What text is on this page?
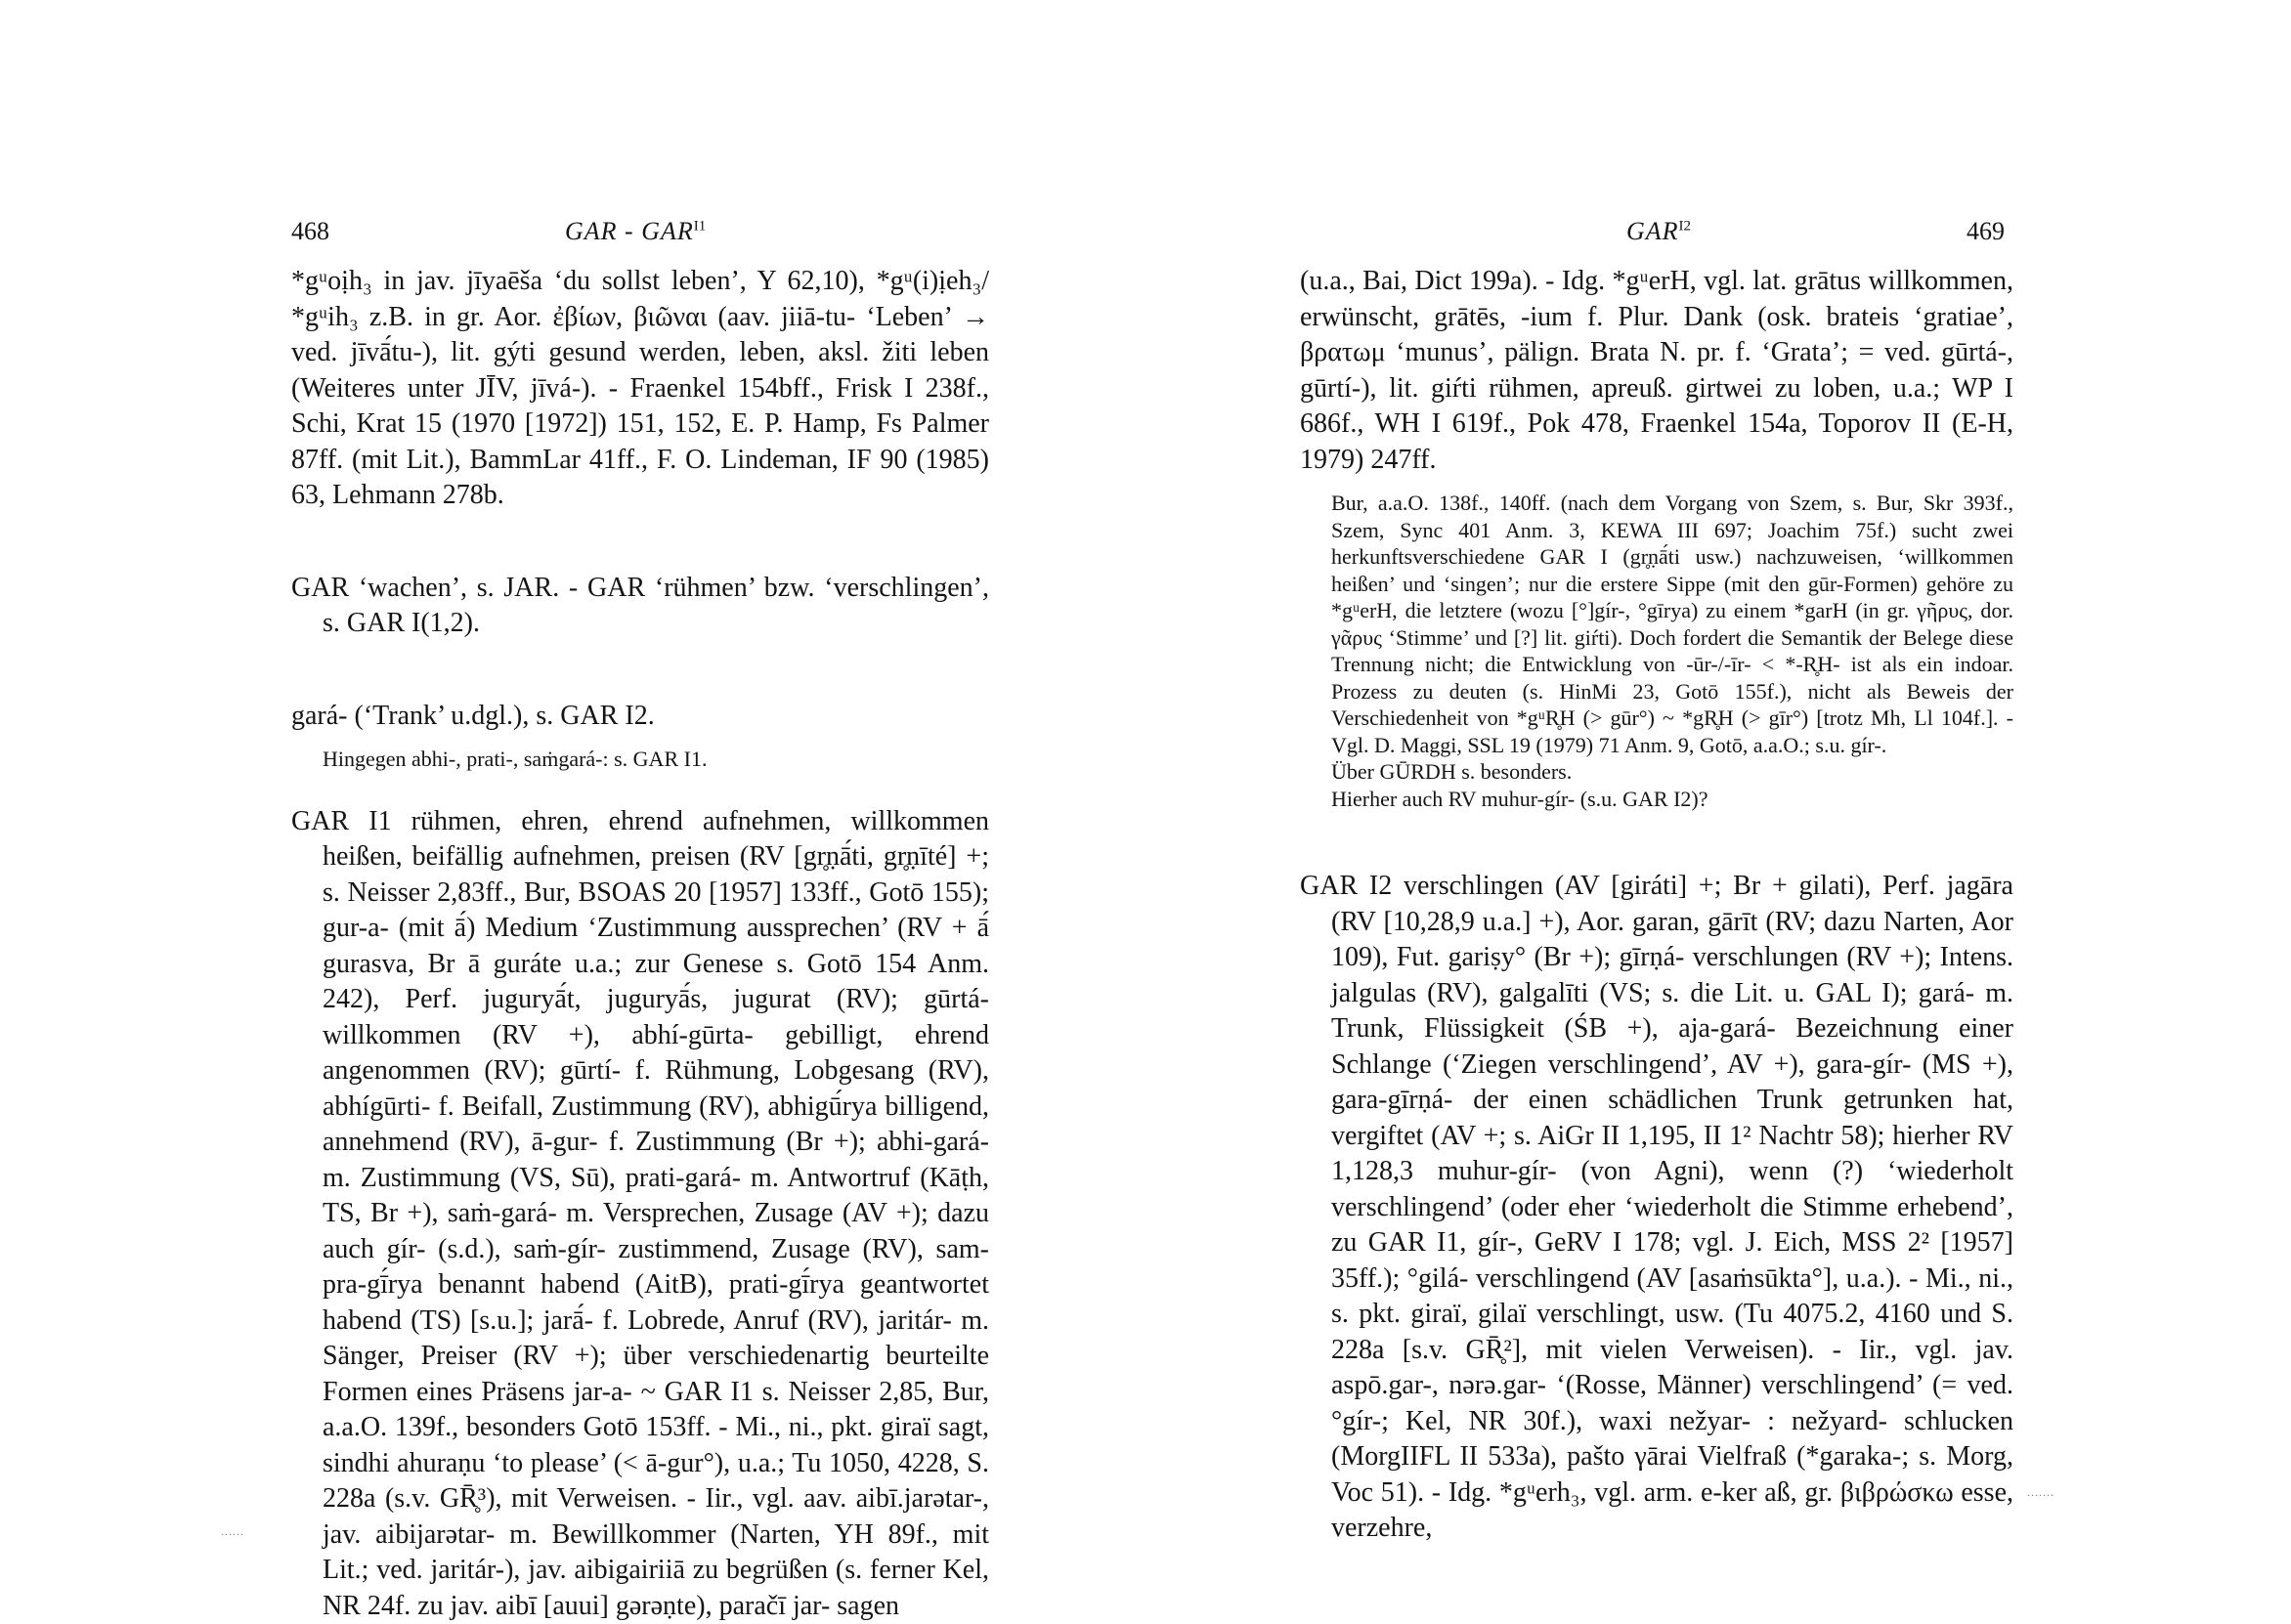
468	GAR - $GAR^{I1}$

*gᵘoịh₃ in jav. jīyaēša ‘du sollst leben’, Y 62,10), *gᵘ(i)ịeh₃/ *gᵘih₃ z.B. in gr. Aor. ἐβίων, βιῶναι (aav. jiiā-tu- ‘Leben’ → ved. jīvā́tu-), lit. gýti gesund werden, leben, aksl. žiti leben (Weiteres unter JĪV, jīvá-). - Fraenkel 154bff., Frisk I 238f., Schi, Krat 15 (1970 [1972]) 151, 152, E. P. Hamp, Fs Palmer 87ff. (mit Lit.), BammLar 41ff., F. O. Lindeman, IF 90 (1985) 63, Lehmann 278b.

GAR ‘wachen’, s. JAR. - GAR ‘rühmen’ bzw. ‘verschlingen’, s. GAR I(1,2).

gará- (‘Trank’ u.dgl.), s. GAR I2.

Hingegen abhi-, prati-, saṁgará-: s. GAR I1.

GAR I1 rühmen, ehren, ehrend aufnehmen, willkommen heißen, beifällig aufnehmen, preisen (RV [gr̥ṇā́ti, gr̥ṇīté] +; s. Neisser 2,83ff., Bur, BSOAS 20 [1957] 133ff., Gotō 155); gur-a- (mit ā́) Medium ‘Zustimmung aussprechen’ (RV + ā́ gurasva, Br ā guráte u.a.; zur Genese s. Gotō 154 Anm. 242), Perf. juguryā́t, juguryā́s, jugurat (RV); gūrtá- willkommen (RV +), abhí-gūrta- gebilligt, ehrend angenommen (RV); gūrtí- f. Rühmung, Lobgesang (RV), abhígūrti- f. Beifall, Zustimmung (RV), abhigū́rya billigend, annehmend (RV), ā-gur- f. Zustimmung (Br +); abhi-gará- m. Zustimmung (VS, Sū), prati-gará- m. Antwortruf (Kāṭh, TS, Br +), saṁ-gará- m. Versprechen, Zusage (AV +); dazu auch gír- (s.d.), saṁ-gír- zustimmend, Zusage (RV), sam-pra-gī́rya benannt habend (AitB), prati-gī́rya geantwortet habend (TS) [s.u.]; jarā́- f. Lobrede, Anruf (RV), jaritár- m. Sänger, Preiser (RV +); über verschiedenartig beurteilte Formen eines Präsens jar-a- ~ GAR I1 s. Neisser 2,85, Bur, a.a.O. 139f., besonders Gotō 153ff. - Mi., ni., pkt. giraï sagt, sindhi ahuraṇu ‘to please’ (< ā-gur°), u.a.; Tu 1050, 4228, S. 228a (s.v. GR̥̄³), mit Verweisen. - Iir., vgl. aav. aibī.jarətar-, jav. aibijarətar- m. Bewillkommer (Narten, YH 89f., mit Lit.; ved. jaritár-), jav. aibigairiiā zu begrüßen (s. ferner Kel, NR 24f. zu jav. aibī [auui] gərəṇte), paračī jar- sagen

......
$GAR^{I2}$	469

(u.a., Bai, Dict 199a). - Idg. *gᵘerH, vgl. lat. grātus willkommen, erwünscht, grātēs, -ium f. Plur. Dank (osk. brateis ‘gratiae’, βρατωμ ‘munus’, pälign. Brata N. pr. f. ‘Grata’; = ved. gūrtá-, gūrtí-), lit. giŕti rühmen, apreuß. girtwei zu loben, u.a.; WP I 686f., WH I 619f., Pok 478, Fraenkel 154a, Toporov II (E-H, 1979) 247ff.

Bur, a.a.O. 138f., 140ff. (nach dem Vorgang von Szem, s. Bur, Skr 393f., Szem, Sync 401 Anm. 3, KEWA III 697; Joachim 75f.) sucht zwei herkunftsverschiedene GAR I (gr̥ṇā́ti usw.) nachzuweisen, ‘willkommen heißen’ und ‘singen’; nur die erstere Sippe (mit den gūr-Formen) gehöre zu *gᵘerH, die letztere (wozu [°]gír-, °gīrya) zu einem *garH (in gr. γῆρυς, dor. γᾶρυς ‘Stimme’ und [?] lit. giŕti). Doch fordert die Semantik der Belege diese Trennung nicht; die Entwicklung von -ūr-/-īr- < *-R̥H- ist als ein indoar. Prozess zu deuten (s. HinMi 23, Gotō 155f.), nicht als Beweis der Verschiedenheit von *gᵘR̥H (> gūr°) ~ *gR̥H (> gīr°) [trotz Mh, Ll 104f.]. - Vgl. D. Maggi, SSL 19 (1979) 71 Anm. 9, Gotō, a.a.O.; s.u. gír-.

Über GŪRDH s. besonders.

Hierher auch RV muhur-gír- (s.u. GAR I2)?

GAR I2 verschlingen (AV [giráti] +; Br + gilati), Perf. jagāra (RV [10,28,9 u.a.] +), Aor. garan, gārīt (RV; dazu Narten, Aor 109), Fut. gariṣy° (Br +); gīrṇá- verschlungen (RV +); Intens. jalgulas (RV), galgalīti (VS; s. die Lit. u. GAL I); gará- m. Trunk, Flüssigkeit (ŚB +), aja-gará- Bezeichnung einer Schlange (‘Ziegen verschlingend’, AV +), gara-gír- (MS +), gara-gīrṇá- der einen schädlichen Trunk getrunken hat, vergiftet (AV +; s. AiGr II 1,195, II 1² Nachtr 58); hierher RV 1,128,3 muhur-gír- (von Agni), wenn (?) ‘wiederholt verschlingend’ (oder eher ‘wiederholt die Stimme erhebend’, zu GAR I1, gír-, GeRV I 178; vgl. J. Eich, MSS 2² [1957] 35ff.); °gilá- verschlingend (AV [asaṁsūkta°], u.a.). - Mi., ni., s. pkt. giraï, gilaï verschlingt, usw. (Tu 4075.2, 4160 und S. 228a [s.v. GR̥̄²], mit vielen Verweisen). - Iir., vgl. jav. aspō.gar-, nərə.gar- ‘(Rosse, Männer) verschlingend’ (= ved. °gír-; Kel, NR 30f.), waxi nežyar- : nežyard- schlucken (MorgIIFL II 533a), pašto γārai Vielfraß (*garaka-; s. Morg, Voc 51). - Idg. *gᵘerh₃, vgl. arm. e-ker aß, gr. βιβρώσκω esse, verzehre,

.......
